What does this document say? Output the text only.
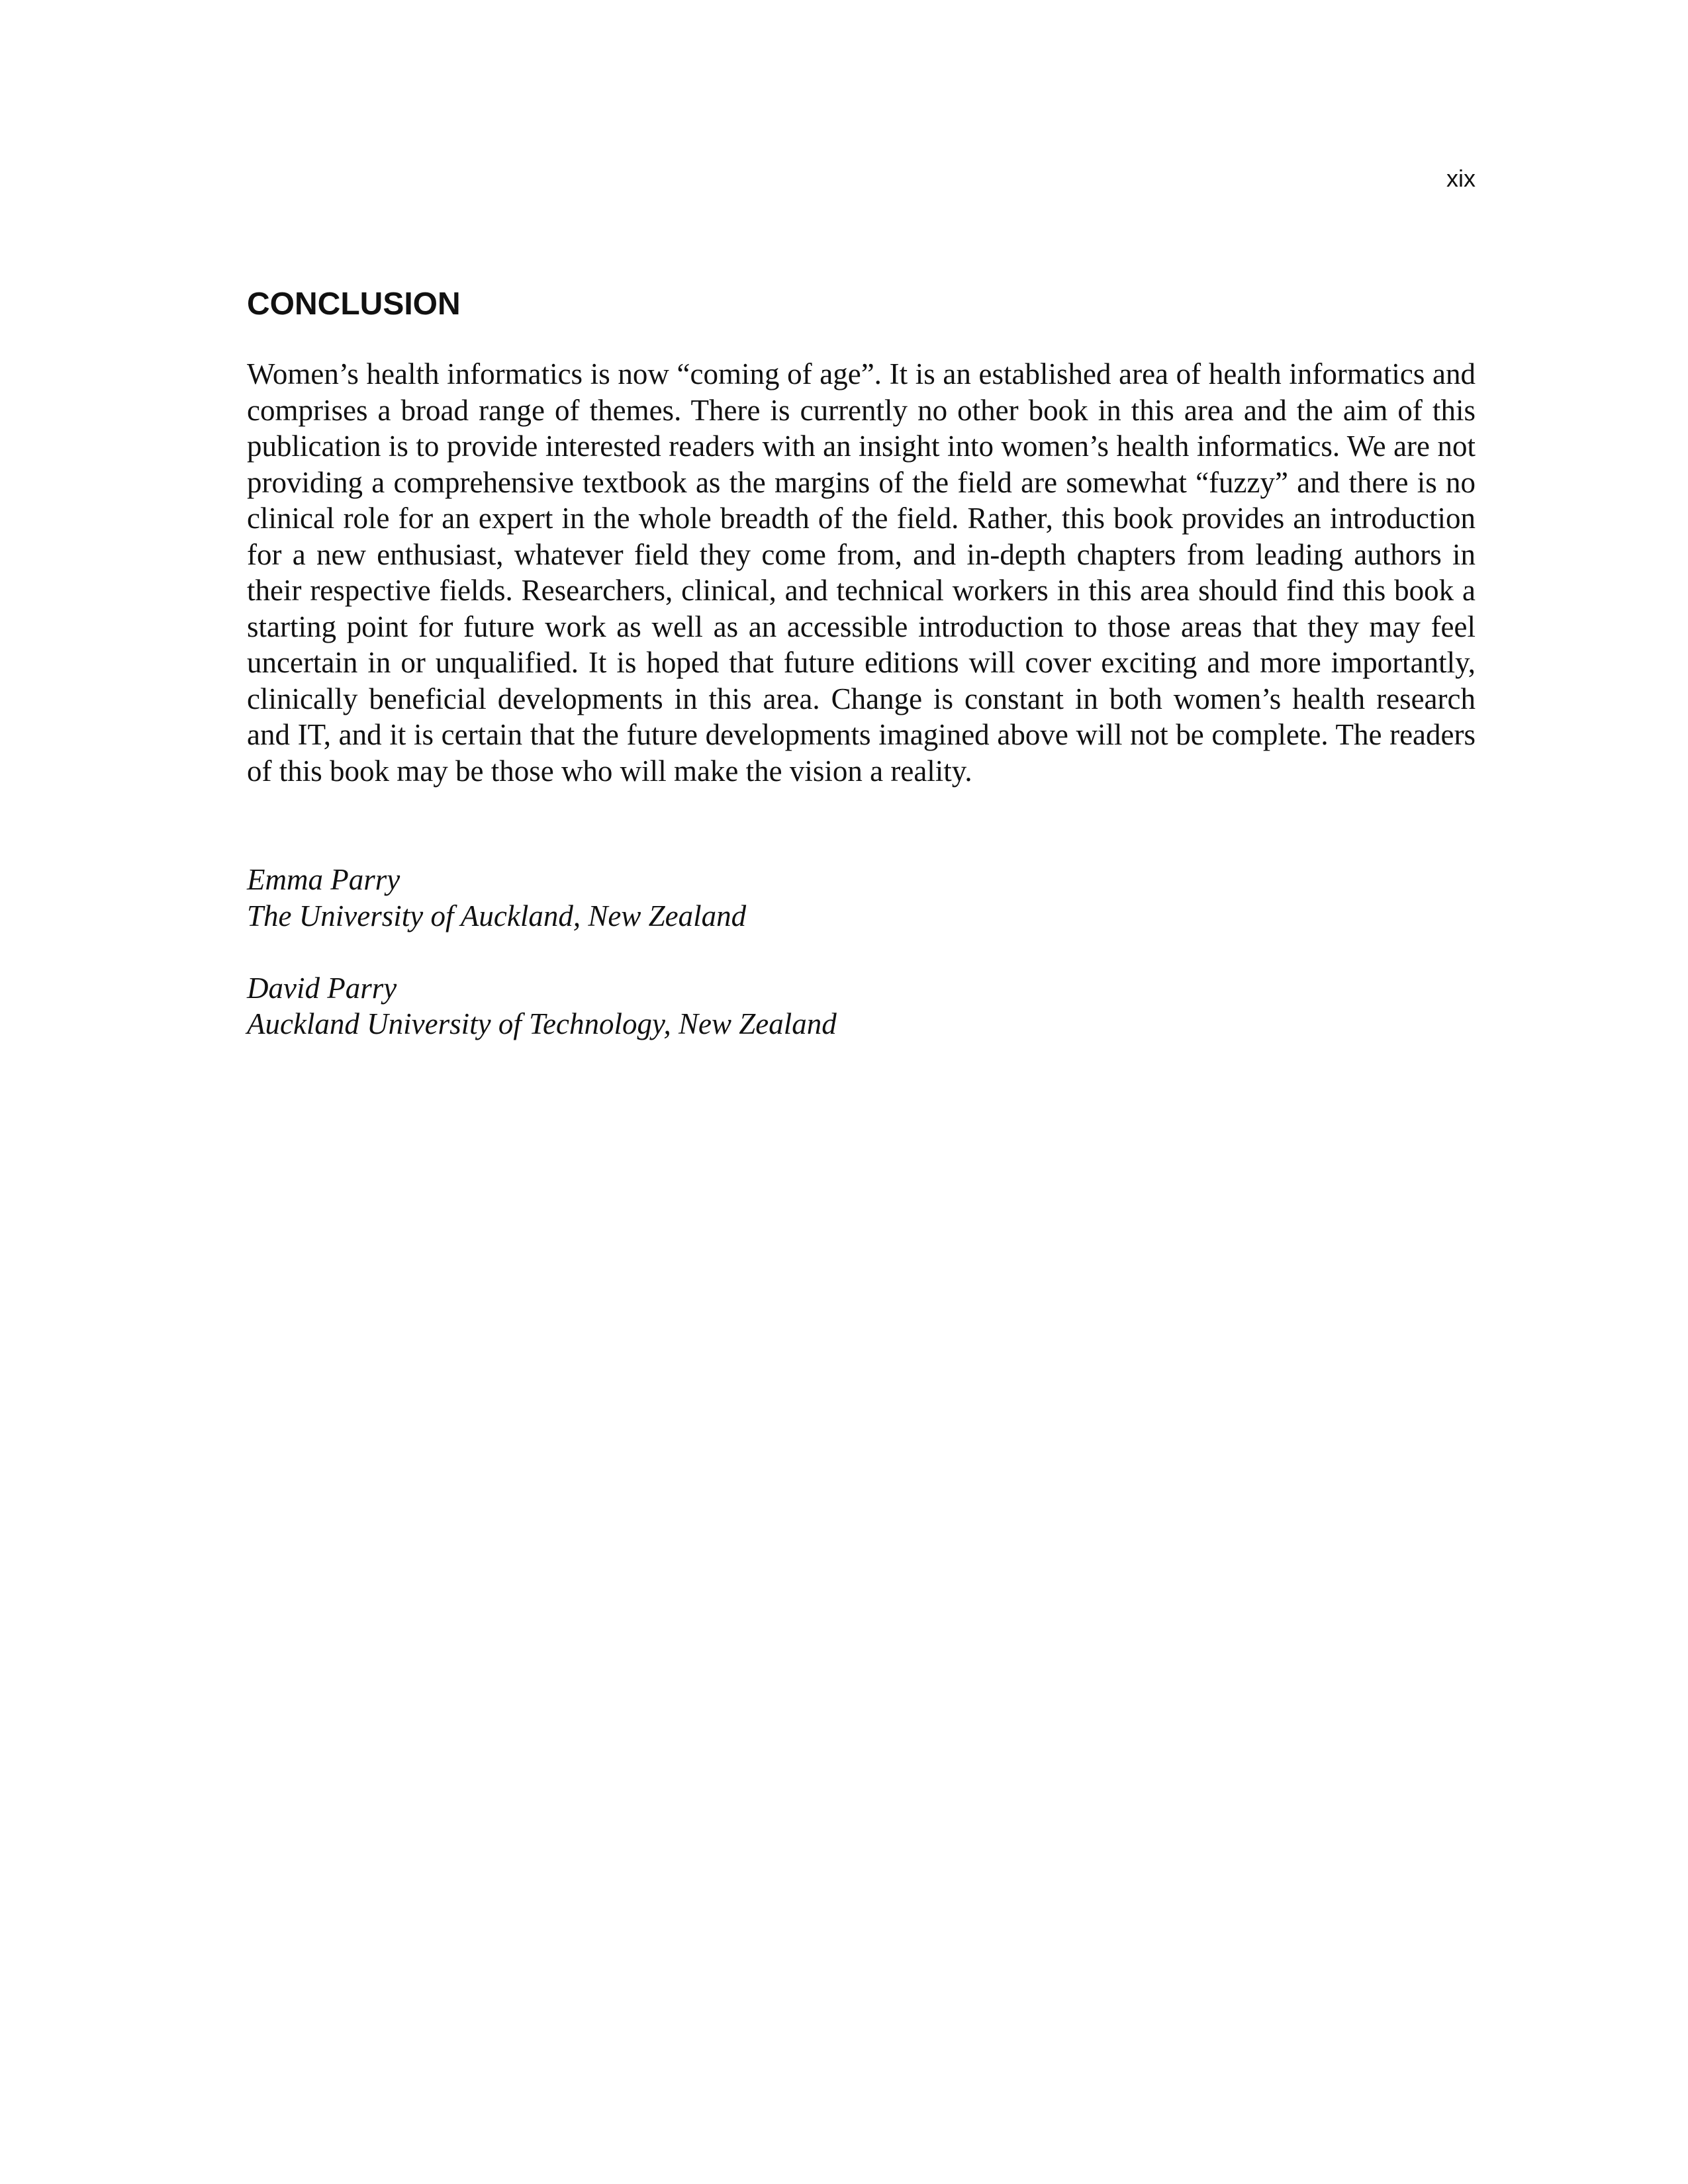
xix
CONCLUSION

Women’s health informatics is now “coming of age”. It is an established area of health informatics and comprises a broad range of themes. There is currently no other book in this area and the aim of this publication is to provide interested readers with an insight into women’s health informatics. We are not providing a comprehensive textbook as the margins of the field are somewhat “fuzzy” and there is no clinical role for an expert in the whole breadth of the field. Rather, this book provides an introduction for a new enthusiast, whatever field they come from, and in-depth chapters from leading authors in their respective fields. Researchers, clinical, and technical workers in this area should find this book a starting point for future work as well as an accessible introduction to those areas that they may feel uncertain in or unqualified. It is hoped that future editions will cover exciting and more importantly, clinically beneficial developments in this area. Change is constant in both women’s health research and IT, and it is certain that the future developments imagined above will not be complete. The readers of this book may be those who will make the vision a reality.

Emma Parry
The University of Auckland, New Zealand
David Parry
Auckland University of Technology, New Zealand
